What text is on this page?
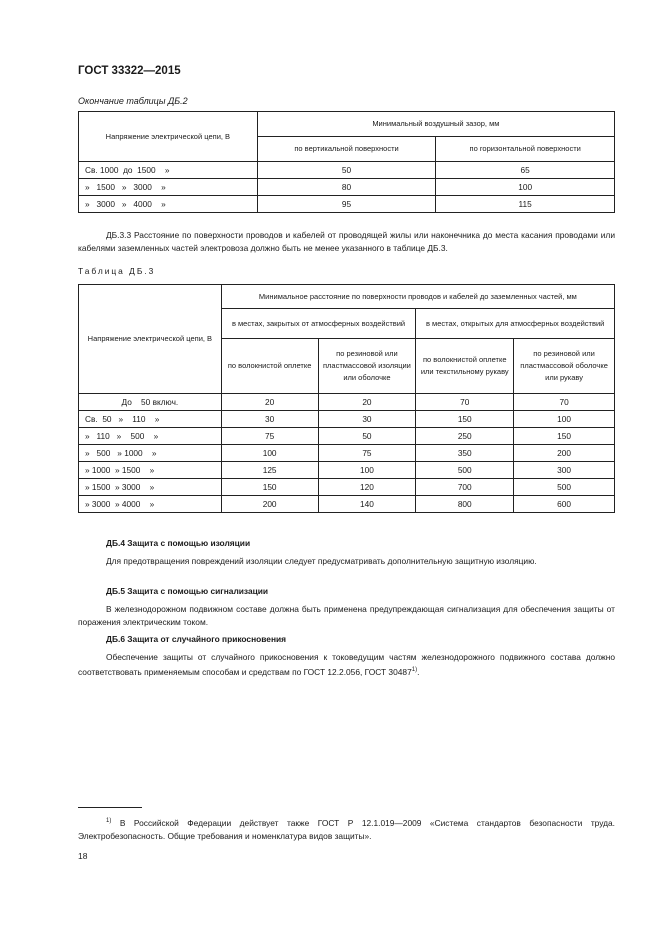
ГОСТ 33322—2015
Окончание таблицы ДБ.2
Напряжение электрической цепи, В	Минимальный воздушный зазор, мм	
	по вертикальной поверхности	по горизонтальной поверхности
Св. 1000  до  1500    »	50	65
»   1500   »   3000    »	80	100
»   3000   »   4000    »	95	115
ДБ.3.3 Расстояние по поверхности проводов и кабелей от проводящей жилы или наконечника до места касания проводами или кабелями заземленных частей электровоза должно быть не менее указанного в таблице ДБ.3.
Таблица ДБ.3
Напряжение электрической цепи, В	Минимальное расстояние по поверхности проводов и кабелей до заземленных частей, мм			
	в местах, закрытых от атмосферных воздействий		в местах, открытых для атмосферных воздействий	
	по волокнистой оплетке	по резиновой или пластмассовой изоляции или оболочке	по волокнистой оплетке или текстильному рукаву	по резиновой или пластмассовой оболочке или рукаву
До    50 включ.	20	20	70	70
Св.  50   »    110    »	30	30	150	100
»   110   »    500    »	75	50	250	150
»   500   » 1000    »	100	75	350	200
» 1000  » 1500    »	125	100	500	300
» 1500  » 3000    »	150	120	700	500
» 3000  » 4000    »	200	140	800	600
ДБ.4 Защита с помощью изоляции
Для предотвращения повреждений изоляции следует предусматривать дополнительную защитную изоляцию.
ДБ.5 Защита с помощью сигнализации
В железнодорожном подвижном составе должна быть применена предупреждающая сигнализация для обеспечения защиты от поражения электрическим током.
ДБ.6 Защита от случайного прикосновения
Обеспечение защиты от случайного прикосновения к токоведущим частям железнодорожного подвижного состава должно соответствовать применяемым способам и средствам по ГОСТ 12.2.056, ГОСТ 30487$^{1)}$.
$^{1)}$ В Российской Федерации действует также ГОСТ Р 12.1.019—2009 «Система стандартов безопасности труда. Электробезопасность. Общие требования и номенклатура видов защиты».
18
